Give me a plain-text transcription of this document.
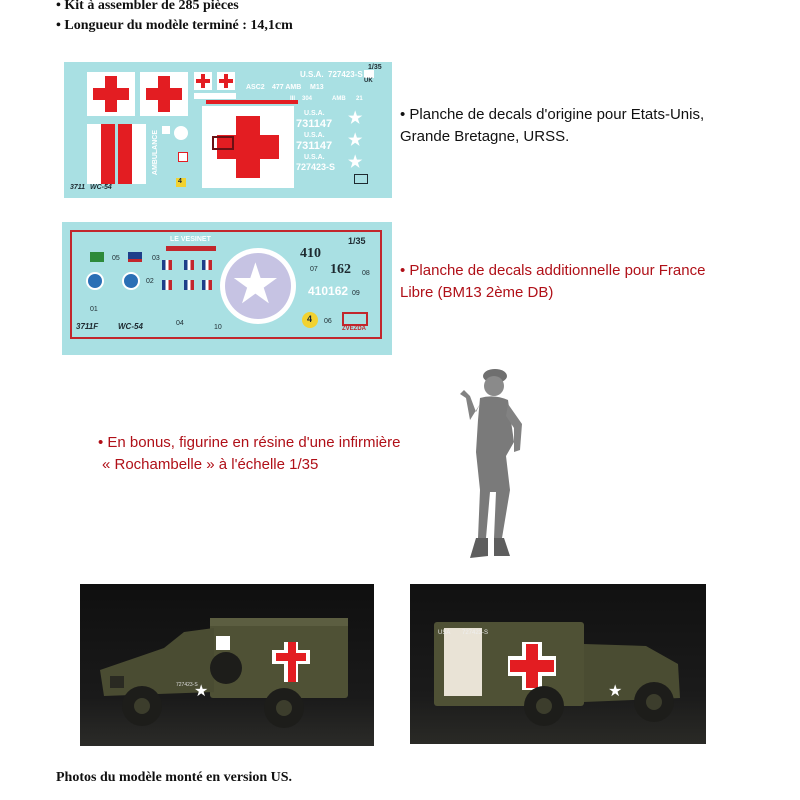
• Kit à assembler de 285 pièces
• Longueur du modèle terminé : 14,1cm
AMBULANCE
4
U.S.A. 727423-S
UK
1/35
ASC2 477 AMB M13
III 304	AMB 21
U.S.A.
731147
U.S.A.
731147
U.S.A.
727423-S
★
★
★
3711 WC-54
• Planche de decals d'origine pour Etats-Unis, Grande Bretagne, URSS.
05	03
LE VESINET
02
01
04
10
★
410
1/35
07 162 08
410162 09
4 06
ZVEZDA
3711F WC-54
• Planche de decals additionnelle pour France Libre (BM13 2ème DB)
• En bonus, figurine en résine d'une infirmière
« Rochambelle » à l'échelle 1/35
★
727423-S	★
USA 727423-S
Photos du modèle monté en version US.
